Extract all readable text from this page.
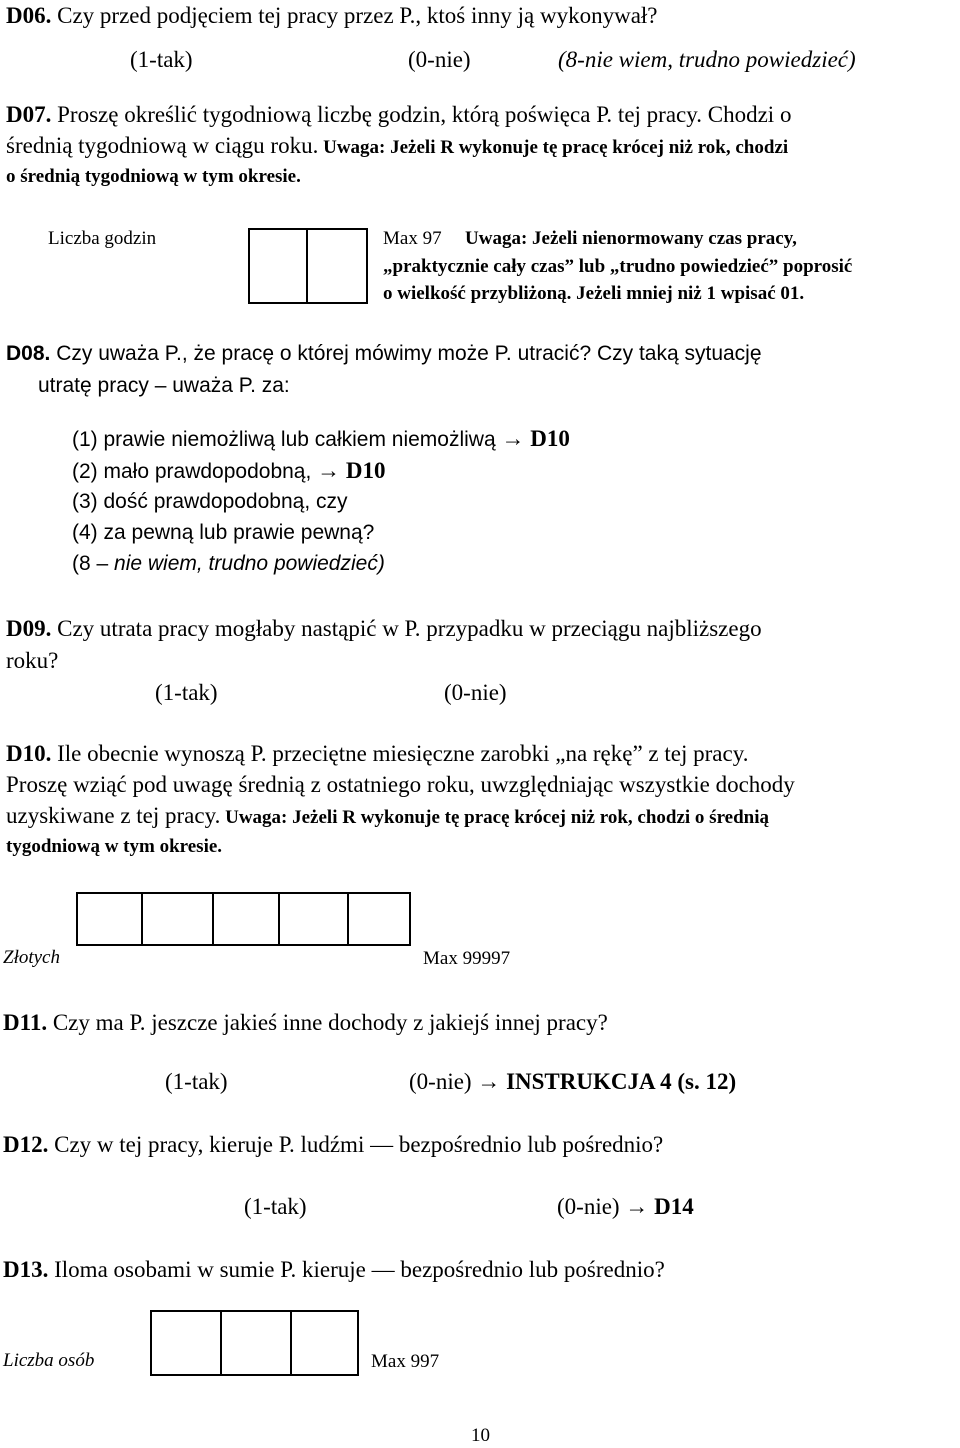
D06. Czy przed podjęciem tej pracy przez P., ktoś inny ją wykonywał?
(1-tak)	(0-nie)	(8-nie wiem, trudno powiedzieć)
D07. Proszę określić tygodniową liczbę godzin, którą poświęca P. tej pracy. Chodzi o
średnią tygodniową w ciągu roku. Uwaga: Jeżeli R wykonuje tę pracę krócej niż rok, chodzi
o średnią tygodniową w tym okresie.
Liczba godzin	Max 97 Uwaga: Jeżeli nienormowany czas pracy,
„praktycznie cały czas” lub „trudno powiedzieć” poprosić
o wielkość przybliżoną. Jeżeli mniej niż 1 wpisać 01.
D08. Czy uważa P., że pracę o której mówimy może P. utracić? Czy taką sytuację
utratę pracy – uważa P. za:
(1) prawie niemożliwą lub całkiem niemożliwą → D10
(2) mało prawdopodobną, → D10
(3) dość prawdopodobną, czy
(4) za pewną lub prawie pewną?
(8 – nie wiem, trudno powiedzieć)
D09. Czy utrata pracy mogłaby nastąpić w P. przypadku w przeciągu najbliższego
roku?
(1-tak)	(0-nie)
D10. Ile obecnie wynoszą P. przeciętne miesięczne zarobki „na rękę” z tej pracy.
Proszę wziąć pod uwagę średnią z ostatniego roku, uwzględniając wszystkie dochody
uzyskiwane z tej pracy. Uwaga: Jeżeli R wykonuje tę pracę krócej niż rok, chodzi o średnią
tygodniową w tym okresie.
Złotych	Max 99997
D11. Czy ma P. jeszcze jakieś inne dochody z jakiejś innej pracy?
(1-tak)	(0-nie) → INSTRUKCJA 4 (s. 12)
D12. Czy w tej pracy, kieruje P. ludźmi — bezpośrednio lub pośrednio?
(1-tak)	(0-nie) → D14
D13. Iloma osobami w sumie P. kieruje — bezpośrednio lub pośrednio?
Liczba osób	Max 997
10
